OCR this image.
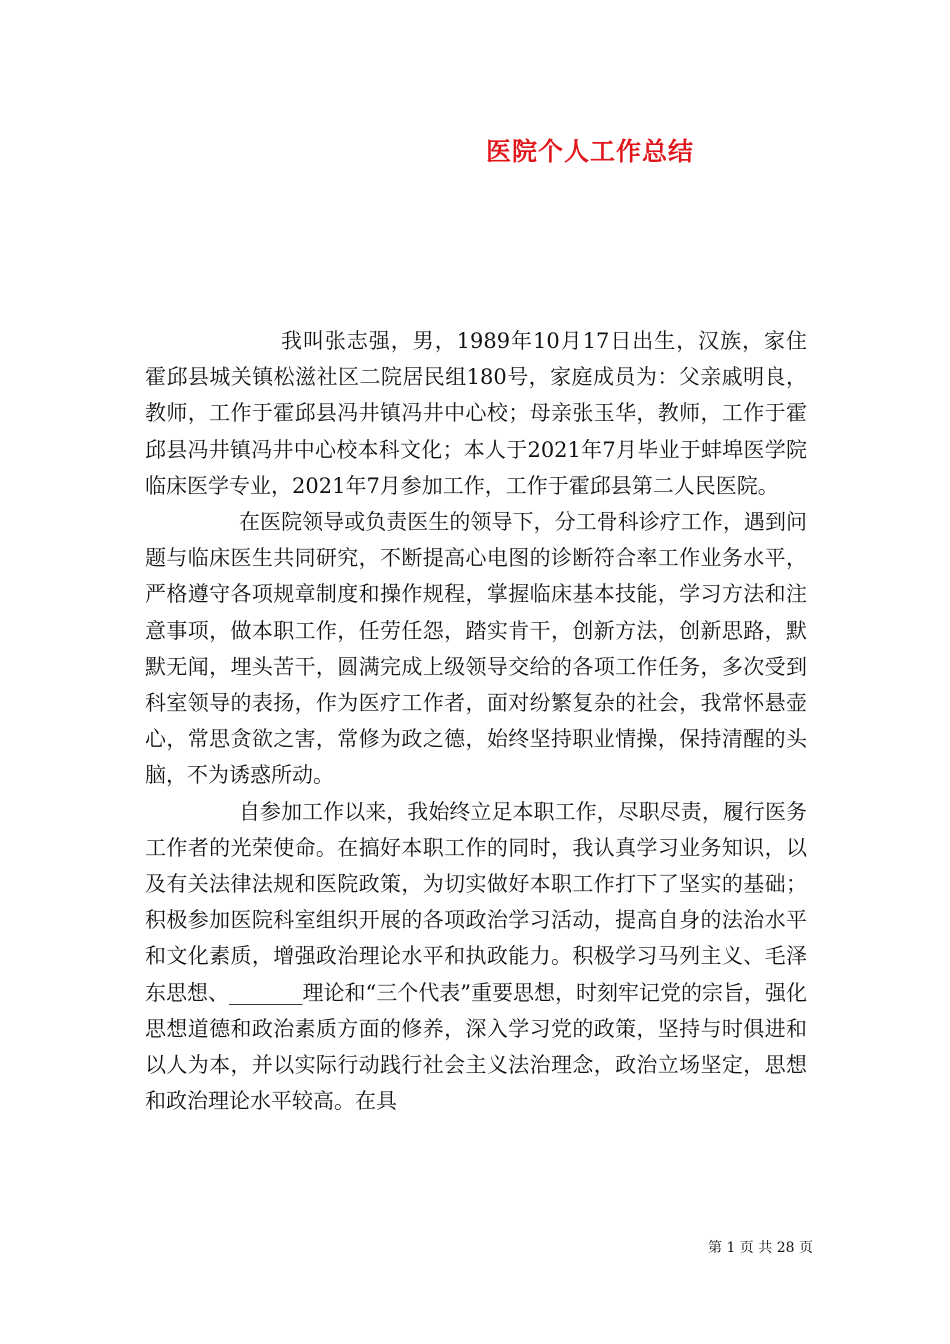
医院个人工作总结

我叫张志强，男，1989年10月17日出生，汉族，家住霍邱县城关镇松滋社区二院居民组180号，家庭成员为：父亲戚明良，教师，工作于霍邱县冯井镇冯井中心校；母亲张玉华，教师，工作于霍邱县冯井镇冯井中心校本科文化；本人于2021年7月毕业于蚌埠医学院临床医学专业，2021年7月参加工作，工作于霍邱县第二人民医院。

在医院领导或负责医生的领导下，分工骨科诊疗工作，遇到问题与临床医生共同研究，不断提高心电图的诊断符合率工作业务水平，严格遵守各项规章制度和操作规程，掌握临床基本技能，学习方法和注意事项，做本职工作，任劳任怨，踏实肯干，创新方法，创新思路，默默无闻，埋头苦干，圆满完成上级领导交给的各项工作任务，多次受到科室领导的表扬，作为医疗工作者，面对纷繁复杂的社会，我常怀悬壶心，常思贪欲之害，常修为政之德，始终坚持职业情操，保持清醒的头脑，不为诱惑所动。

自参加工作以来，我始终立足本职工作，尽职尽责，履行医务工作者的光荣使命。在搞好本职工作的同时，我认真学习业务知识，以及有关法律法规和医院政策，为切实做好本职工作打下了坚实的基础；积极参加医院科室组织开展的各项政治学习活动，提高自身的法治水平和文化素质，增强政治理论水平和执政能力。积极学习马列主义、毛泽东思想、_______理论和“三个代表”重要思想，时刻牢记党的宗旨，强化思想道德和政治素质方面的修养，深入学习党的政策，坚持与时俱进和以人为本，并以实际行动践行社会主义法治理念，政治立场坚定，思想和政治理论水平较高。在具

第 1 页 共 28 页
